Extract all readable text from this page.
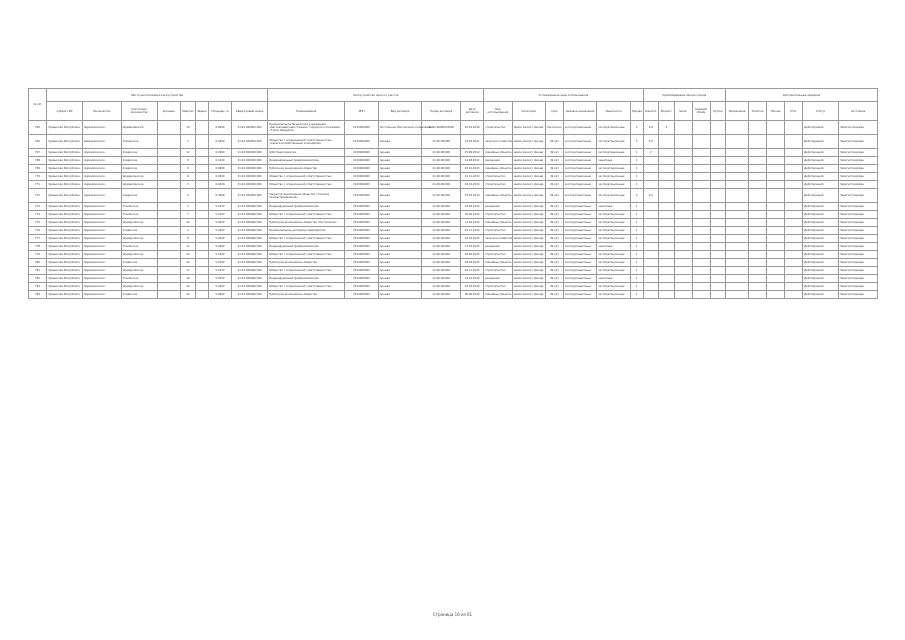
№ п/п	Место расположения лесоустройства								Лесоустройство лесного участка					Установленная цель использования						Преобладающая лесная порода					Дополнительные сведения					
	Субъект РФ	Лесничество	Участковое лесничество	Урочище	Квартал	Выдел	Площадь, га	Кадастровый номер	Наименование	ИНН	Вид договора	Номер договора	Дата договора	Вид использования	Категория	Срок	Целевое назначение	Защитность	Порода	Бонитет	Возраст	Запас	Средний объём	Группа	Примечание	Отметка	Прочее	Итог	Статус	Состояние
765	Чувашская Республика	Шумерлинское	Шумерлинское		10		0,8000	21:22:000000:000	Муниципальное бюджетное учреждение «Автозаправочная станция» городского поселения «Город Шумерля»	2125000000	Постоянное (бессрочное) пользование	21:22:000000:0000	02.03.2010	строительство	земли лесного фонда	бессрочно	эксплуатационные	эксплуатационные	1	3,0	2								Действующий	Зарегистрирован
766	Чувашская Республика	Шумерлинское	Торханское		1		0,0200	21:22:000000:000	Общество с ограниченной ответственностью «Сельскохозяйственный кооператив»	2125000000	Аренда	21-00-00/000	12.04.2011	сельское хозяйство	земли лесного фонда	49 лет	эксплуатационные	эксплуатационные	1	0,5									Действующий	Зарегистрирован
767	Чувашская Республика	Шумерлинское	Ходарское		12		0,0960	21:22:000000:000	ООО Энергомонтаж	2125000000	Аренда	21-00-00/000	25.06.2012	линейные объекты	земли лесного фонда	49 лет	эксплуатационные	эксплуатационные	1	2									Действующий	Зарегистрирован
768	Чувашская Республика	Шумерлинское	Ходарское		9		0,0140	21:22:000000:000	Индивидуальный предприниматель	2125000000	Аренда	21-00-00/000	14.08.2012	рекреация	земли лесного фонда	49 лет	эксплуатационные	защитные	1										Действующий	Зарегистрирован
769	Чувашская Республика	Шумерлинское	Ходарское		6		0,0080	21:22:000000:000	Публичное акционерное общество	2125000000	Аренда	21-00-00/000	03.10.2013	линейные объекты	земли лесного фонда	49 лет	эксплуатационные	эксплуатационные	1										Действующий	Зарегистрирован
770	Чувашская Республика	Шумерлинское	Шумерлинское		11		0,0300	21:22:000000:000	Общество с ограниченной ответственностью	2125000000	Аренда	21-00-00/000	21.11.2013	строительство	земли лесного фонда	49 лет	эксплуатационные	эксплуатационные	1										Действующий	Зарегистрирован
771	Чувашская Республика	Шумерлинское	Шумерлинское		3		0,0200	21:22:000000:000	Общество с ограниченной ответственностью	2125000000	Аренда	21-00-00/000	16.01.2014	строительство	земли лесного фонда	49 лет	эксплуатационные	эксплуатационные	1										Действующий	Зарегистрирован
772	Чувашская Республика	Шумерлинское	Ходарское		5		0,3000	21:22:000000:000	Закрытое акционерное общество «Газпром газораспределение»	2125000000	Аренда	21-00-00/000	07.03.2014	линейные объекты	земли лесного фонда	49 лет	эксплуатационные	эксплуатационные	1	0,2									Действующий	Зарегистрирован
773	Чувашская Республика	Шумерлинское	Торханское		2		0,0150	21:22:000000:000	Индивидуальный предприниматель	2125000000	Аренда	21-00-00/000	19.05.2014	рекреация	земли лесного фонда	49 лет	эксплуатационные	защитные	1										Действующий	Зарегистрирован
774	Чувашская Республика	Шумерлинское	Торханское		7		0,0120	21:22:000000:000	Общество с ограниченной ответственностью	2125000000	Аренда	21-00-00/000	30.06.2014	строительство	земли лесного фонда	49 лет	эксплуатационные	эксплуатационные	1										Действующий	Зарегистрирован
775	Чувашская Республика	Шумерлинское	Шумерлинское		14		0,0050	21:22:000000:000	Публичное акционерное общество «Ростелеком»	2125000000	Аренда	21-00-00/000	11.09.2014	линейные объекты	земли лесного фонда	49 лет	эксплуатационные	эксплуатационные	1										Действующий	Зарегистрирован
776	Чувашская Республика	Шумерлинское	Ходарское		4		0,0300	21:22:000000:000	Муниципальное унитарное предприятие	2125000000	Аренда	21-00-00/000	25.11.2014	строительство	земли лесного фонда	49 лет	эксплуатационные	эксплуатационные	1										Действующий	Зарегистрирован
777	Чувашская Республика	Шумерлинское	Шумерлинское		8		0,2000	21:22:000000:000	Общество с ограниченной ответственностью	2125000000	Аренда	21-00-00/000	02.02.2015	сельское хозяйство	земли лесного фонда	49 лет	эксплуатационные	эксплуатационные	1										Действующий	Зарегистрирован
778	Чувашская Республика	Шумерлинское	Торханское		13		0,0400	21:22:000000:000	Индивидуальный предприниматель	2125000000	Аренда	21-00-00/000	17.04.2015	рекреация	земли лесного фонда	49 лет	эксплуатационные	защитные	1										Действующий	Зарегистрирован
779	Чувашская Республика	Шумерлинское	Шумерлинское		15		0,0100	21:22:000000:000	Общество с ограниченной ответственностью	2125000000	Аренда	21-00-00/000	28.06.2015	строительство	земли лесного фонда	49 лет	эксплуатационные	эксплуатационные	1										Действующий	Зарегистрирован
780	Чувашская Республика	Шумерлинское	Ходарское		16		0,0700	21:22:000000:000	Публичное акционерное общество	2125000000	Аренда	21-00-00/000	09.09.2015	линейные объекты	земли лесного фонда	49 лет	эксплуатационные	эксплуатационные	1										Действующий	Зарегистрирован
781	Чувашская Республика	Шумерлинское	Шумерлинское		17		0,0150	21:22:000000:000	Общество с ограниченной ответственностью	2125000000	Аренда	21-00-00/000	20.11.2015	строительство	земли лесного фонда	49 лет	эксплуатационные	эксплуатационные	1										Действующий	Зарегистрирован
782	Чувашская Республика	Шумерлинское	Торханское		18		0,0250	21:22:000000:000	Индивидуальный предприниматель	2125000000	Аренда	21-00-00/000	14.01.2016	рекреация	земли лесного фонда	49 лет	эксплуатационные	защитные	1										Действующий	Зарегистрирован
783	Чувашская Республика	Шумерлинское	Шумерлинское		19		0,0300	21:22:000000:000	Общество с ограниченной ответственностью	2125000000	Аренда	21-00-00/000	25.03.2016	строительство	земли лесного фонда	49 лет	эксплуатационные	эксплуатационные	1										Действующий	Зарегистрирован
784	Чувашская Республика	Шумерлинское	Ходарское		20		0,0600	21:22:000000:000	Публичное акционерное общество	2125000000	Аренда	21-00-00/000	06.06.2016	линейные объекты	земли лесного фонда	49 лет	эксплуатационные	эксплуатационные	1										Действующий	Зарегистрирован
Страница 16 из 61
